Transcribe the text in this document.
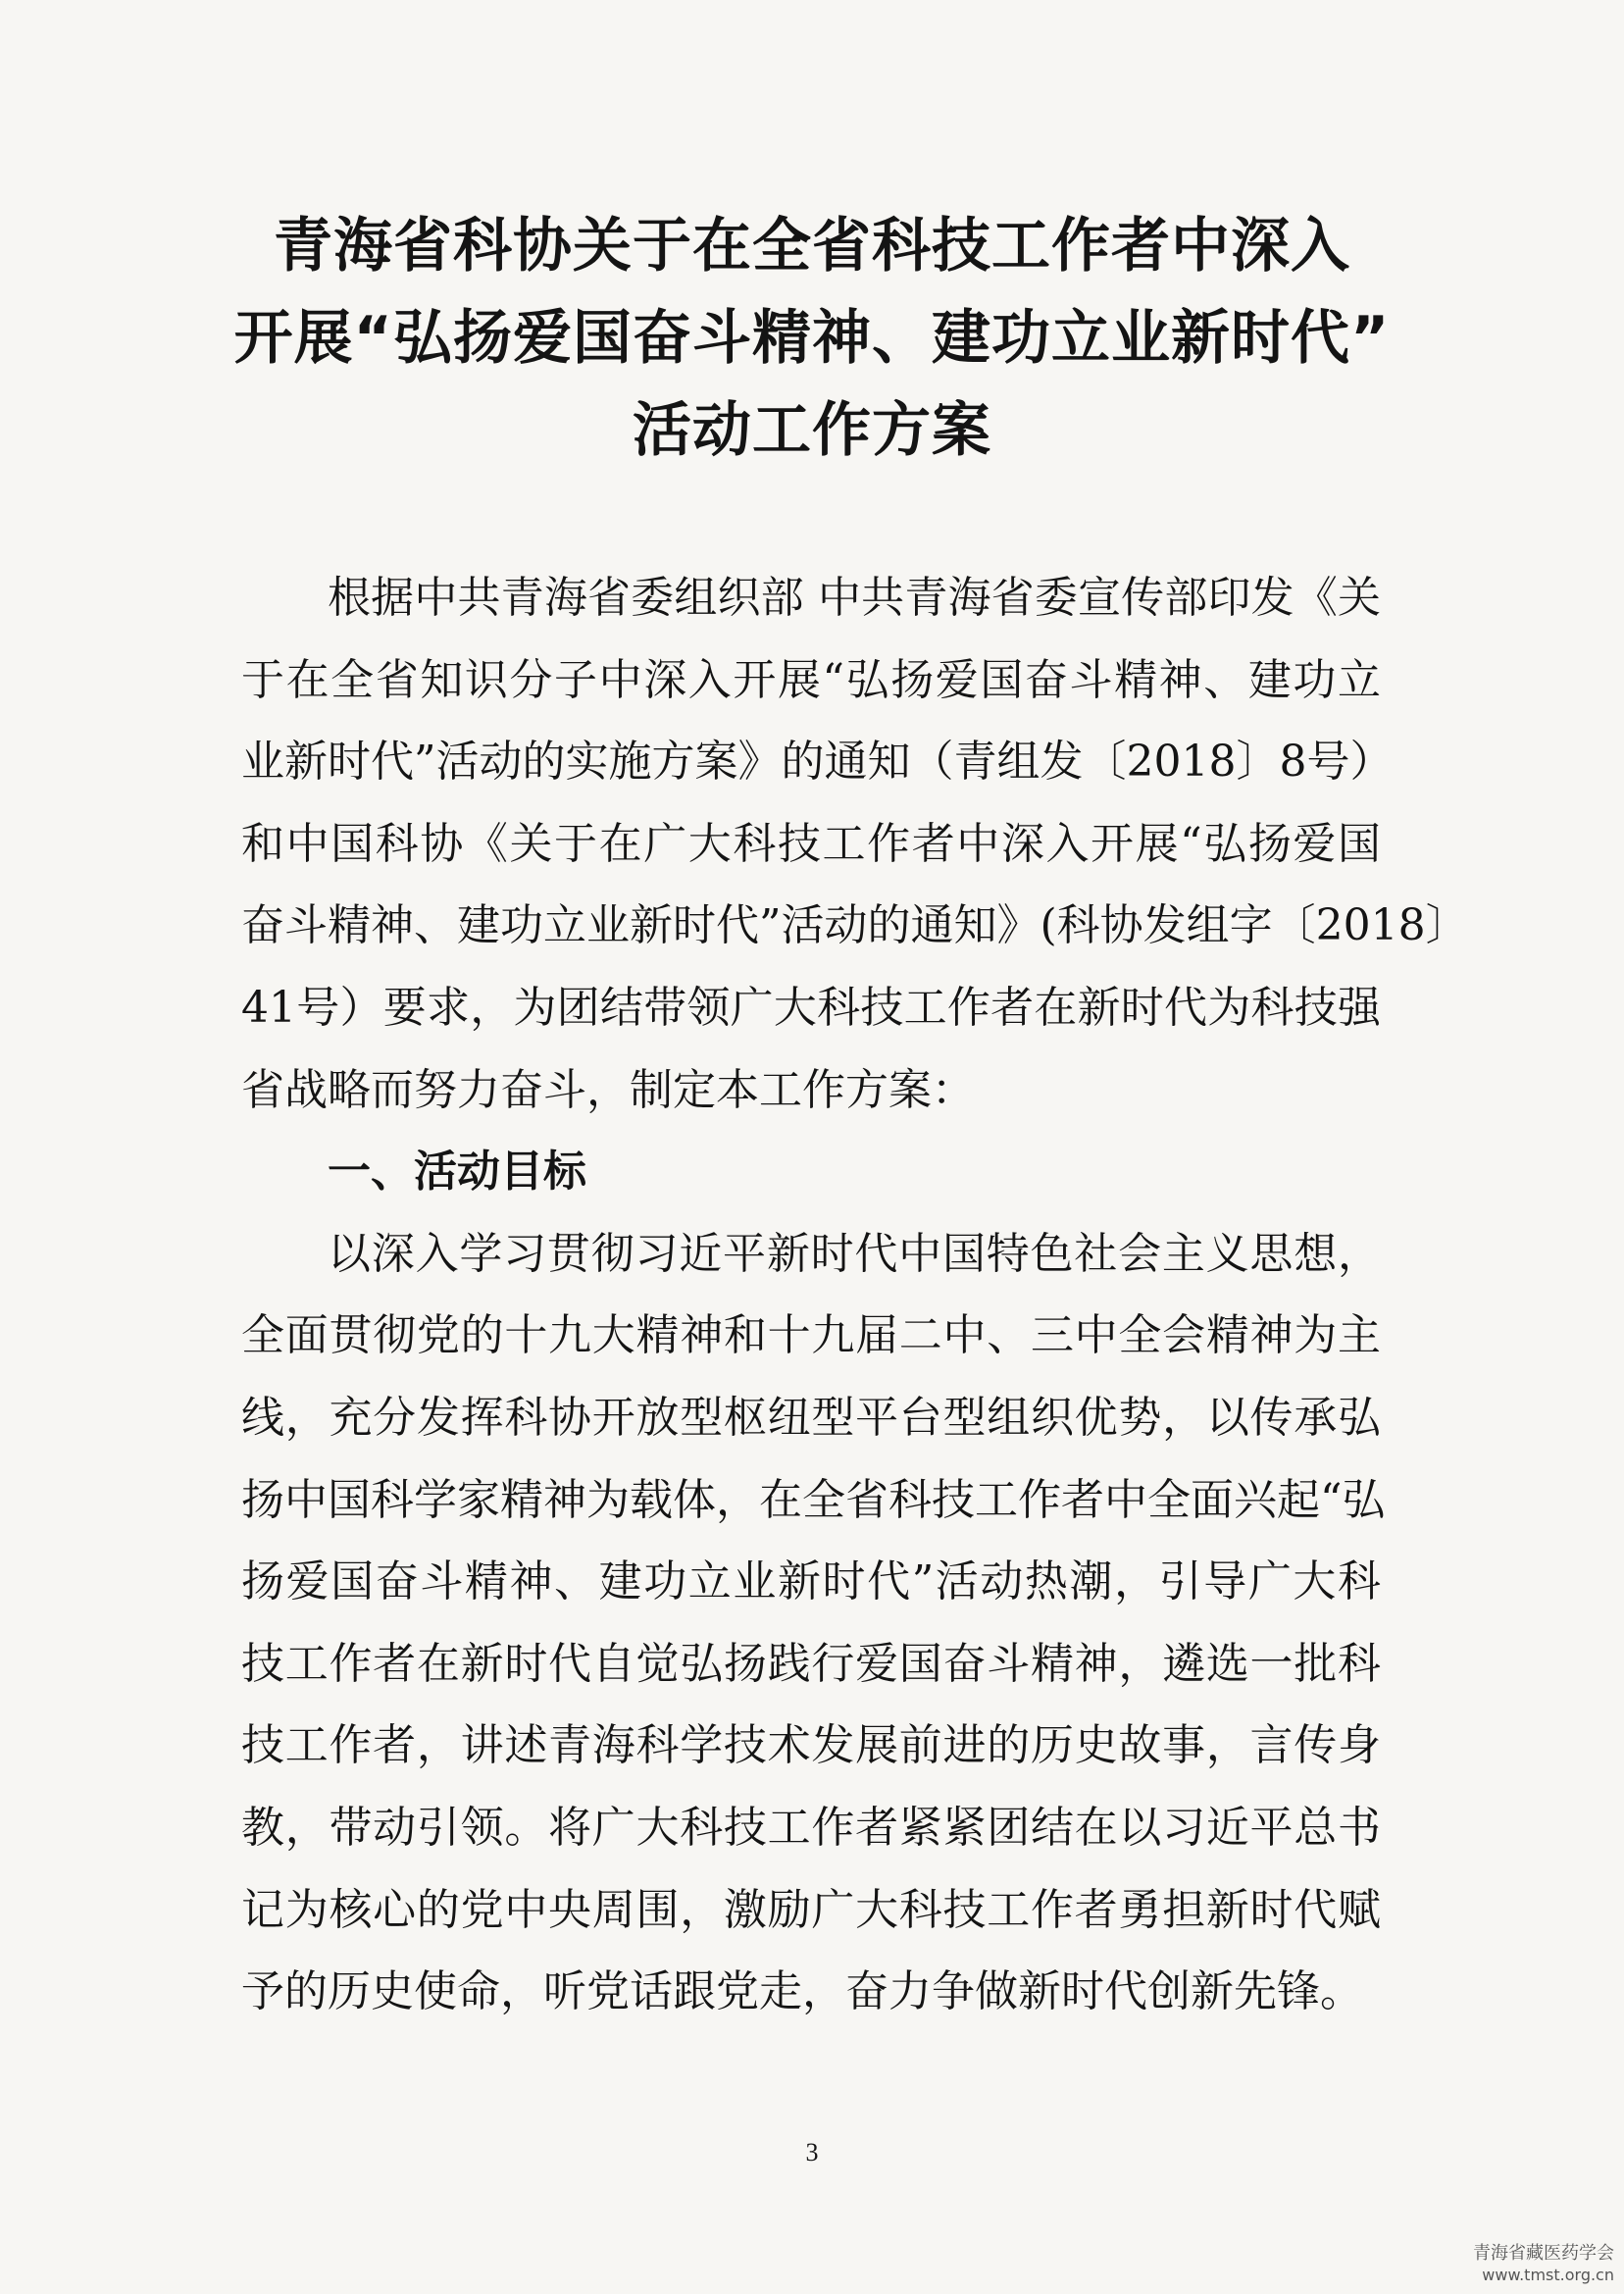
青海省科协关于在全省科技工作者中深入
开展“弘扬爱国奋斗精神、建功立业新时代”
活动工作方案
根据中共青海省委组织部 中共青海省委宣传部印发《关
于在全省知识分子中深入开展“弘扬爱国奋斗精神、建功立
业新时代”活动的实施方案》的通知（青组发〔2018〕8号）
和中国科协《关于在广大科技工作者中深入开展“弘扬爱国
奋斗精神、建功立业新时代”活动的通知》(科协发组字〔2018〕
41号）要求，为团结带领广大科技工作者在新时代为科技强
省战略而努力奋斗，制定本工作方案：
一、活动目标
以深入学习贯彻习近平新时代中国特色社会主义思想，
全面贯彻党的十九大精神和十九届二中、三中全会精神为主
线，充分发挥科协开放型枢纽型平台型组织优势，以传承弘
扬中国科学家精神为载体，在全省科技工作者中全面兴起“弘
扬爱国奋斗精神、建功立业新时代”活动热潮，引导广大科
技工作者在新时代自觉弘扬践行爱国奋斗精神，遴选一批科
技工作者，讲述青海科学技术发展前进的历史故事，言传身
教，带动引领。将广大科技工作者紧紧团结在以习近平总书
记为核心的党中央周围，激励广大科技工作者勇担新时代赋
予的历史使命，听党话跟党走，奋力争做新时代创新先锋。
3
青海省藏医药学会
www.tmst.org.cn
